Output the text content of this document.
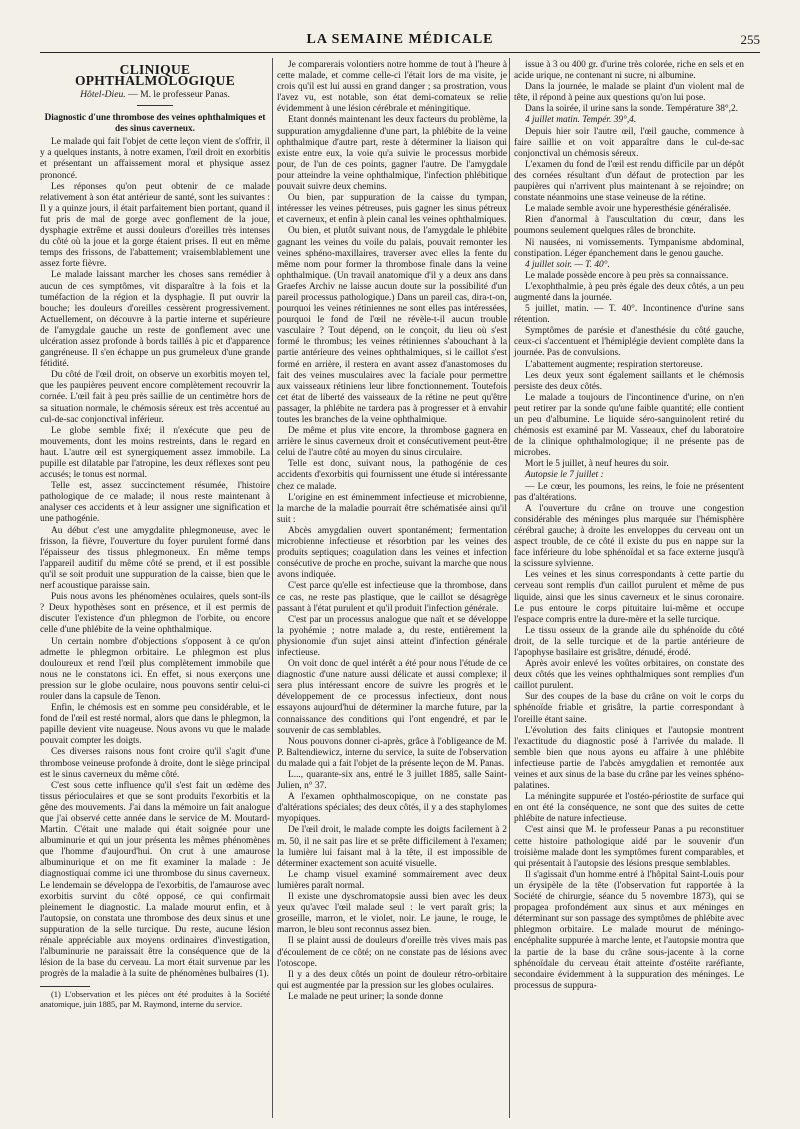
LA SEMAINE MÉDICALE	255

CLINIQUE OPHTHALMOLOGIQUE

Hôtel-Dieu. — M. le professeur Panas.

Diagnostic d'une thrombose des veines ophthalmiques et des sinus caverneux.

Le malade qui fait l'objet de cette leçon vient de s'offrir, il y a quelques instants, à notre examen, l'œil droit en exorbitis et présentant un affaissement moral et physique assez prononcé.

Les réponses qu'on peut obtenir de ce malade relativement à son état antérieur de santé, sont les suivantes : Il y a quinze jours, il était parfaitement bien portant, quand il fut pris de mal de gorge avec gonflement de la joue, dysphagie extrême et aussi douleurs d'oreilles très intenses du côté où la joue et la gorge étaient prises. Il eut en même temps des frissons, de l'abattement; vraisemblablement une assez forte fièvre.

Le malade laissant marcher les choses sans remédier à aucun de ces symptômes, vit disparaître à la fois et la tuméfaction de la région et la dysphagie. Il put ouvrir la bouche; les douleurs d'oreilles cessèrent progressivement. Actuellement, on découvre à la partie interne et supérieure de l'amygdale gauche un reste de gonflement avec une ulcération assez profonde à bords taillés à pic et d'apparence gangréneuse. Il s'en échappe un pus grumeleux d'une grande fétidité.

Du côté de l'œil droit, on observe un exorbitis moyen tel, que les paupières peuvent encore complètement recouvrir la cornée. L'œil fait à peu près saillie de un centimètre hors de sa situation normale, le chémosis séreux est très accentué au cul-de-sac conjonctival inférieur.

Le globe semble fixé; il n'exécute que peu de mouvements, dont les moins restreints, dans le regard en haut. L'autre œil est synergiquement assez immobile. La pupille est dilatable par l'atropine, les deux réflexes sont peu accusés; le tonus est normal.

Telle est, assez succinctement résumée, l'histoire pathologique de ce malade; il nous reste maintenant à analyser ces accidents et à leur assigner une signification et une pathogénie.

Au début c'est une amygdalite phlegmoneuse, avec le frisson, la fièvre, l'ouverture du foyer purulent formé dans l'épaisseur des tissus phlegmoneux. En même temps l'appareil auditif du même côté se prend, et il est possible qu'il se soit produit une suppuration de la caisse, bien que le nerf acoustique paraisse sain.

Puis nous avons les phénomènes oculaires, quels sont-ils ? Deux hypothèses sont en présence, et il est permis de discuter l'existence d'un phlegmon de l'orbite, ou encore celle d'une phlébite de la veine ophthalmique.

Un certain nombre d'objections s'opposent à ce qu'on admette le phlegmon orbitaire. Le phlegmon est plus douloureux et rend l'œil plus complètement immobile que nous ne le constatons ici. En effet, si nous exerçons une pression sur le globe oculaire, nous pouvons sentir celui-ci rouler dans la capsule de Tenon.

Enfin, le chémosis est en somme peu considérable, et le fond de l'œil est resté normal, alors que dans le phlegmon, la papille devient vite nuageuse. Nous avons vu que le malade pouvait compter les doigts.

Ces diverses raisons nous font croire qu'il s'agit d'une thrombose veineuse profonde à droite, dont le siège principal est le sinus caverneux du même côté.

C'est sous cette influence qu'il s'est fait un œdème des tissus périoculaires et que se sont produits l'exorbitis et la gêne des mouvements. J'ai dans la mémoire un fait analogue que j'ai observé cette année dans le service de M. Moutard-Martin. C'était une malade qui était soignée pour une albuminurie et qui un jour présenta les mêmes phénomènes que l'homme d'aujourd'hui. On crut à une amaurose albuminurique et on me fit examiner la malade : Je diagnostiquai comme ici une thrombose du sinus caverneux. Le lendemain se développa de l'exorbitis, de l'amaurose avec exorbitis survint du côté opposé, ce qui confirmait pleinement le diagnostic. La malade mourut enfin, et à l'autopsie, on constata une thrombose des deux sinus et une suppuration de la selle turcique. Du reste, aucune lésion rénale appréciable aux moyens ordinaires d'investigation, l'albuminurie ne paraissait être la conséquence que de la lésion de la base du cerveau. La mort était survenue par les progrès de la maladie à la suite de phénomènes bulbaires (1).

(1) L'observation et les pièces ont été produites à la Société anatomique, juin 1885, par M. Raymond, interne du service.

Je comparerais volontiers notre homme de tout à l'heure à cette malade, et comme celle-ci l'était lors de ma visite, je crois qu'il est lui aussi en grand danger ; sa prostration, vous l'avez vu, est notable, son état demi-comateux se relie évidemment à une lésion cérébrale et méningitique.

Etant donnés maintenant les deux facteurs du problème, la suppuration amygdalienne d'une part, la phlébite de la veine ophthalmique d'autre part, reste à déterminer la liaison qui existe entre eux, la voie qu'a suivie le processus morbide pour, de l'un de ces points, gagner l'autre. De l'amygdale pour atteindre la veine ophthalmique, l'infection phlébitique pouvait suivre deux chemins.

Ou bien, par suppuration de la caisse du tympan, intéresser les veines pétreuses, puis gagner les sinus pétreux et caverneux, et enfin à plein canal les veines ophthalmiques.

Ou bien, et plutôt suivant nous, de l'amygdale le phlébite gagnant les veines du voile du palais, pouvait remonter les veines sphéno-maxillaires, traverser avec elles la fente du même nom pour former la thrombose finale dans la veine ophthalmique. (Un travail anatomique d'il y a deux ans dans Graefes Archiv ne laisse aucun doute sur la possibilité d'un pareil processus pathologique.) Dans un pareil cas, dira-t-on, pourquoi les veines rétiniennes ne sont elles pas intéressées, pourquoi le fond de l'œil ne révèle-t-il aucun trouble vasculaire ? Tout dépend, on le conçoit, du lieu où s'est formé le thrombus; les veines rétiniennes s'abouchant à la partie antérieure des veines ophthalmiques, si le caillot s'est formé en arrière, il restera en avant assez d'anastomoses du fait des veines musculaires avec la faciale pour permettre aux vaisseaux rétiniens leur libre fonctionnement. Toutefois cet état de liberté des vaisseaux de la rétine ne peut qu'être passager, la phlébite ne tardera pas à progresser et à envahir toutes les branches de la veine ophthalmique.

De même et plus vite encore, la thrombose gagnera en arrière le sinus caverneux droit et consécutivement peut-être celui de l'autre côté au moyen du sinus circulaire.

Telle est donc, suivant nous, la pathogénie de ces accidents d'exorbitis qui fournissent une étude si intéressante chez ce malade.

L'origine en est éminemment infectieuse et microbienne, la marche de la maladie pourrait être schématisée ainsi qu'il suit :

Abcès amygdalien ouvert spontanément; fermentation microbienne infectieuse et résorbtion par les veines des produits septiques; coagulation dans les veines et infection consécutive de proche en proche, suivant la marche que nous avons indiquée.

C'est parce qu'elle est infectieuse que la thrombose, dans ce cas, ne reste pas plastique, que le caillot se désagrège passant à l'état purulent et qu'il produit l'infection générale.

C'est par un processus analogue que naît et se développe la pyohémie ; notre malade a, du reste, entièrement la physionomie d'un sujet ainsi atteint d'infection générale infectieuse.

On voit donc de quel intérêt a été pour nous l'étude de ce diagnostic d'une nature aussi délicate et aussi complexe; il sera plus intéressant encore de suivre les progrès et le développement de ce processus infectieux, dont nous essayons aujourd'hui de déterminer la marche future, par la connaissance des conditions qui l'ont engendré, et par le souvenir de cas semblables.

Nous pouvons donner ci-après, grâce à l'obligeance de M. P. Baltendiewicz, interne du service, la suite de l'observation du malade qui a fait l'objet de la présente leçon de M. Panas.

L..., quarante-six ans, entré le 3 juillet 1885, salle Saint-Julien, n° 37.

A l'examen ophthalmoscopique, on ne constate pas d'altérations spéciales; des deux côtés, il y a des staphylomes myopiques.

De l'œil droit, le malade compte les doigts facilement à 2 m. 50, il ne sait pas lire et se prête difficilement à l'examen; la lumière lui faisant mal à la tête, il est impossible de déterminer exactement son acuité visuelle.

Le champ visuel examiné sommairement avec deux lumières paraît normal.

Il existe une dyschromatopsie aussi bien avec les deux yeux qu'avec l'œil malade seul : le vert paraît gris; la groseille, marron, et le violet, noir. Le jaune, le rouge, le marron, le bleu sont reconnus assez bien.

Il se plaint aussi de douleurs d'oreille très vives mais pas d'écoulement de ce côté; on ne constate pas de lésions avec l'otoscope.

Il y a des deux côtés un point de douleur rétro-orbitaire qui est augmentée par la pression sur les globes oculaires.

Le malade ne peut uriner; la sonde donne

issue à 3 ou 400 gr. d'urine très colorée, riche en sels et en acide urique, ne contenant ni sucre, ni albumine.

Dans la journée, le malade se plaint d'un violent mal de tête, il répond à peine aux questions qu'on lui pose.

Dans la soirée, il urine sans la sonde. Température 38°,2.

4 juillet matin. Tempér. 39°,4.

Depuis hier soir l'autre œil, l'œil gauche, commence à faire saillie et on voit apparaître dans le cul-de-sac conjonctival un chémosis séreux.

L'examen du fond de l'œil est rendu difficile par un dépôt des cornées résultant d'un défaut de protection par les paupières qui n'arrivent plus maintenant à se rejoindre; on constate néanmoins une stase veineuse de la rétine.

Le malade semble avoir une hyperesthésie généralisée.

Rien d'anormal à l'auscultation du cœur, dans les poumons seulement quelques râles de bronchite.

Ni nausées, ni vomissements. Tympanisme abdominal, constipation. Léger épanchement dans le genou gauche.

4 juillet soir. — T. 40°.

Le malade possède encore à peu près sa connaissance.

L'exophthalmie, à peu près égale des deux côtés, a un peu augmenté dans la journée.

5 juillet, matin. — T. 40°. Incontinence d'urine sans rétention.

Symptômes de parésie et d'anesthésie du côté gauche, ceux-ci s'accentuent et l'hémiplégie devient complète dans la journée. Pas de convulsions.

L'abattement augmente; respiration stertoreuse.

Les deux yeux sont également saillants et le chémosis persiste des deux côtés.

Le malade a toujours de l'incontinence d'urine, on n'en peut retirer par la sonde qu'une faible quantité; elle contient un peu d'albumine. Le liquide séro-sanguinolent retiré du chémosis est examiné par M. Vasseaux, chef du laboratoire de la clinique ophthalmologique; il ne présente pas de microbes.

Mort le 5 juillet, à neuf heures du soir.

Autopsie le 7 juillet :

— Le cœur, les poumons, les reins, le foie ne présentent pas d'altérations.

A l'ouverture du crâne on trouve une congestion considérable des méninges plus marquée sur l'hémisphère cérébral gauche; à droite les enveloppes du cerveau ont un aspect trouble, de ce côté il existe du pus en nappe sur la face inférieure du lobe sphénoïdal et sa face externe jusqu'à la scissure sylvienne.

Les veines et les sinus correspondants à cette partie du cerveau sont remplis d'un caillot purulent et même de pus liquide, ainsi que les sinus caverneux et le sinus coronaire. Le pus entoure le corps pituitaire lui-même et occupe l'espace compris entre la dure-mère et la selle turcique.

Le tissu osseux de la grande aile du sphénoïde du côté droit, de la selle turcique et de la partie antérieure de l'apophyse basilaire est grisâtre, dénudé, érodé.

Après avoir enlevé les voûtes orbitaires, on constate des deux côtés que les veines ophthalmiques sont remplies d'un caillot purulent.

Sur des coupes de la base du crâne on voit le corps du sphénoïde friable et grisâtre, la partie correspondant à l'oreille étant saine.

L'évolution des faits cliniques et l'autopsie montrent l'exactitude du diagnostic posé à l'arrivée du malade. Il semble bien que nous ayons eu affaire à une phlébite infectieuse partie de l'abcès amygdalien et remontée aux veines et aux sinus de la base du crâne par les veines sphéno-palatines.

La méningite suppurée et l'ostéo-périostite de surface qui en ont été la conséquence, ne sont que des suites de cette phlébite de nature infectieuse.

C'est ainsi que M. le professeur Panas a pu reconstituer cette histoire pathologique aidé par le souvenir d'un troisième malade dont les symptômes furent comparables, et qui présentait à l'autopsie des lésions presque semblables.

Il s'agissait d'un homme entré à l'hôpital Saint-Louis pour un érysipèle de la tête (l'observation fut rapportée à la Société de chirurgie, séance du 5 novembre 1873), qui se propagea profondément aux sinus et aux méninges en déterminant sur son passage des symptômes de phlébite avec phlegmon orbitaire. Le malade mourut de méningo-encéphalite suppurée à marche lente, et l'autopsie montra que la partie de la base du crâne sous-jacente à la corne sphénoïdale du cerveau était atteinte d'ostéite raréfiante, secondaire évidemment à la suppuration des méninges. Le processus de suppura-
